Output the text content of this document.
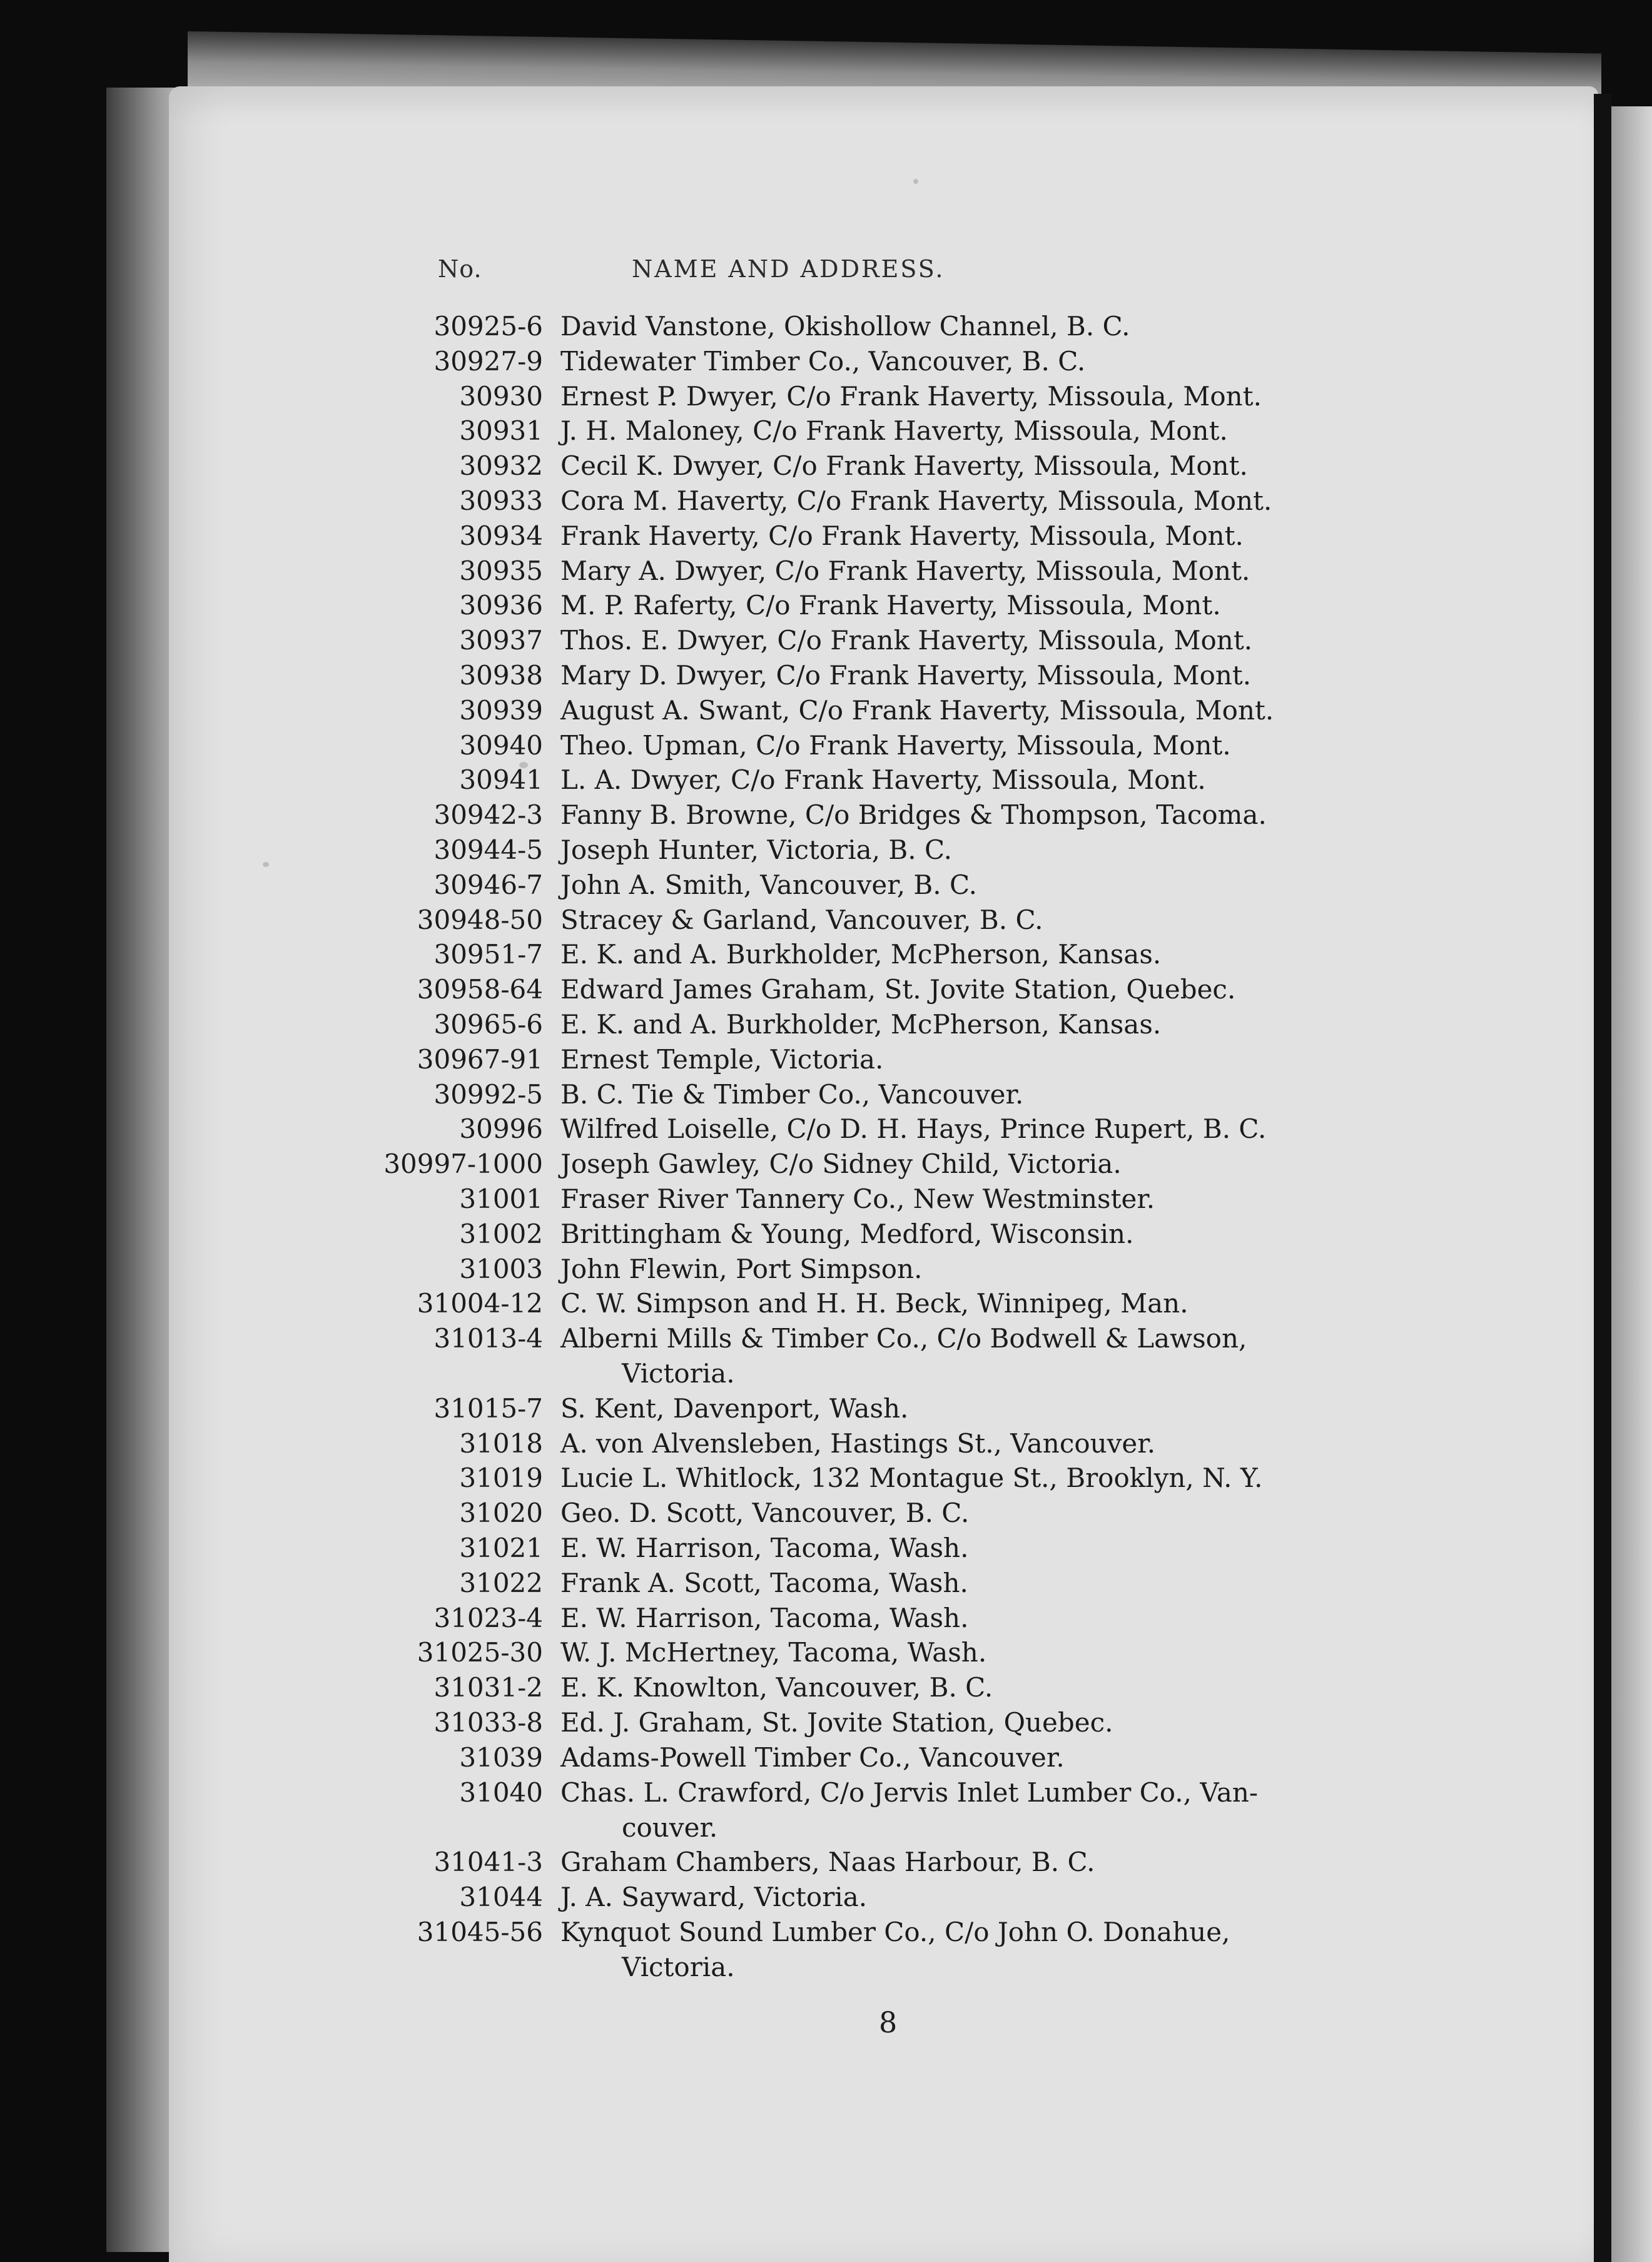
No.	NAME AND ADDRESS.
30925-6 David Vanstone, Okishollow Channel, B. C.
30927-9 Tidewater Timber Co., Vancouver, B. C.
30930 Ernest P. Dwyer, C/o Frank Haverty, Missoula, Mont.
30931 J. H. Maloney, C/o Frank Haverty, Missoula, Mont.
30932 Cecil K. Dwyer, C/o Frank Haverty, Missoula, Mont.
30933 Cora M. Haverty, C/o Frank Haverty, Missoula, Mont.
30934 Frank Haverty, C/o Frank Haverty, Missoula, Mont.
30935 Mary A. Dwyer, C/o Frank Haverty, Missoula, Mont.
30936 M. P. Raferty, C/o Frank Haverty, Missoula, Mont.
30937 Thos. E. Dwyer, C/o Frank Haverty, Missoula, Mont.
30938 Mary D. Dwyer, C/o Frank Haverty, Missoula, Mont.
30939 August A. Swant, C/o Frank Haverty, Missoula, Mont.
30940 Theo. Upman, C/o Frank Haverty, Missoula, Mont.
30941 L. A. Dwyer, C/o Frank Haverty, Missoula, Mont.
30942-3 Fanny B. Browne, C/o Bridges & Thompson, Tacoma.
30944-5 Joseph Hunter, Victoria, B. C.
30946-7 John A. Smith, Vancouver, B. C.
30948-50 Stracey & Garland, Vancouver, B. C.
30951-7 E. K. and A. Burkholder, McPherson, Kansas.
30958-64 Edward James Graham, St. Jovite Station, Quebec.
30965-6 E. K. and A. Burkholder, McPherson, Kansas.
30967-91 Ernest Temple, Victoria.
30992-5 B. C. Tie & Timber Co., Vancouver.
30996 Wilfred Loiselle, C/o D. H. Hays, Prince Rupert, B. C.
30997-1000 Joseph Gawley, C/o Sidney Child, Victoria.
31001 Fraser River Tannery Co., New Westminster.
31002 Brittingham & Young, Medford, Wisconsin.
31003 John Flewin, Port Simpson.
31004-12 C. W. Simpson and H. H. Beck, Winnipeg, Man.
31013-4 Alberni Mills & Timber Co., C/o Bodwell & Lawson,
Victoria.
31015-7 S. Kent, Davenport, Wash.
31018 A. von Alvensleben, Hastings St., Vancouver.
31019 Lucie L. Whitlock, 132 Montague St., Brooklyn, N. Y.
31020 Geo. D. Scott, Vancouver, B. C.
31021 E. W. Harrison, Tacoma, Wash.
31022 Frank A. Scott, Tacoma, Wash.
31023-4 E. W. Harrison, Tacoma, Wash.
31025-30 W. J. McHertney, Tacoma, Wash.
31031-2 E. K. Knowlton, Vancouver, B. C.
31033-8 Ed. J. Graham, St. Jovite Station, Quebec.
31039 Adams-Powell Timber Co., Vancouver.
31040 Chas. L. Crawford, C/o Jervis Inlet Lumber Co., Van-
couver.
31041-3 Graham Chambers, Naas Harbour, B. C.
31044 J. A. Sayward, Victoria.
31045-56 Kynquot Sound Lumber Co., C/o John O. Donahue,
Victoria.
8
